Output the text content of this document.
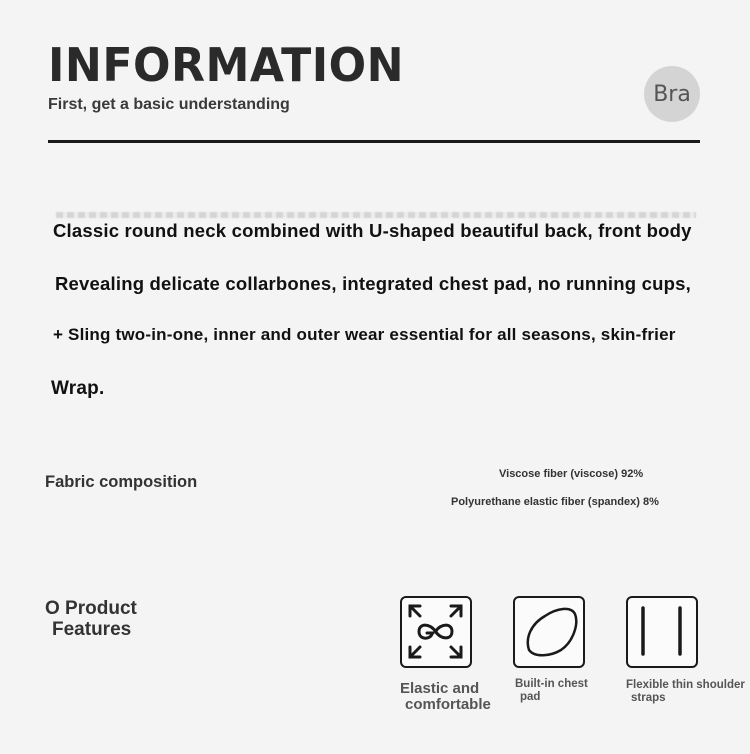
INFORMATION
First, get a basic understanding	Bra
Classic round neck combined with U-shaped beautiful back, front body
Revealing delicate collarbones, integrated chest pad, no running cups,
+ Sling two-in-one, inner and outer wear essential for all seasons, skin-frier
Wrap.
Fabric composition	Viscose fiber (viscose) 92%
Polyurethane elastic fiber (spandex) 8%
O Product
Features
Elastic and

comfortable
Built-in chest

pad
Flexible thin shoulder

straps
